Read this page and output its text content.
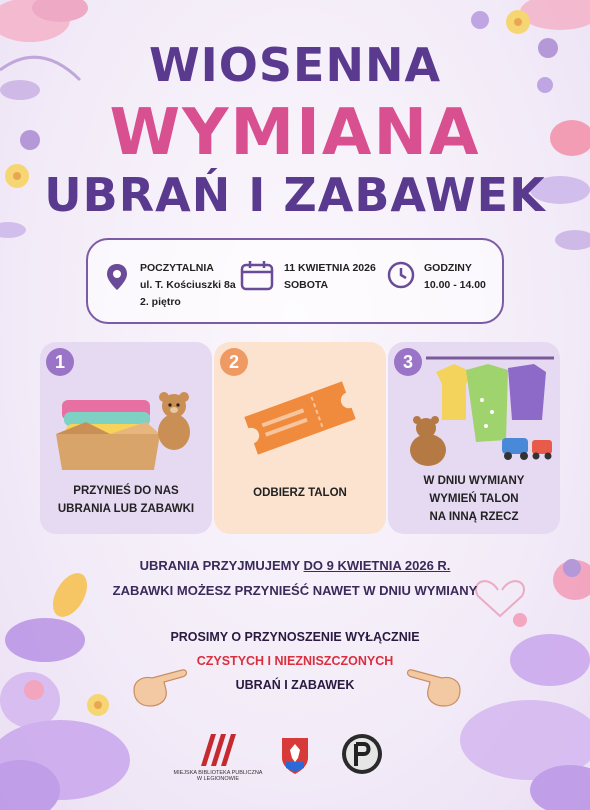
WIOSENNA
WYMIANA
UBRAŃ I ZABAWEK
POCZYTALNIA
ul. T. Kościuszki 8a
2. piętro
11 KWIETNIA 2026
SOBOTA
GODZINY
10.00 - 14.00
1
PRZYNIEŚ DO NAS
UBRANIA LUB ZABAWKI
2
ODBIERZ TALON
3
W DNIU WYMIANY
WYMIEŃ TALON
NA INNĄ RZECZ
UBRANIA PRZYJMUJEMY DO 9 KWIETNIA 2026 R.
ZABAWKI MOŻESZ PRZYNIEŚĆ NAWET W DNIU WYMIANY
PROSIMY O PRZYNOSZENIE WYŁĄCZNIE
CZYSTYCH I NIEZNISZCZONYCH
UBRAŃ I ZABAWEK
MIEJSKA BIBLIOTEKA PUBLICZNA
W LEGIONOWIE
